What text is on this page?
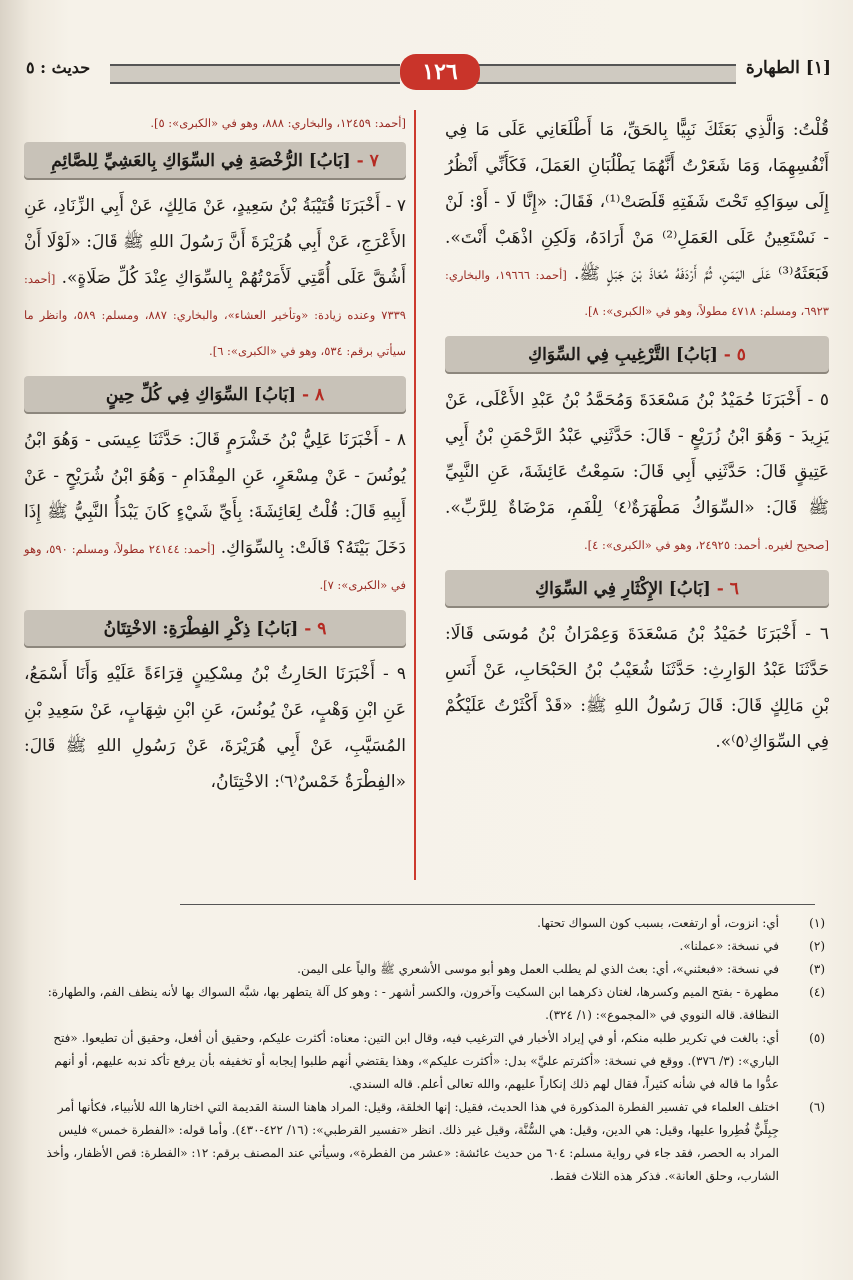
[١] الطهارة
١٢٦
حديث : ٥

قُلْتُ: وَالَّذِي بَعَثَكَ نَبِيًّا بِالحَقِّ، مَا أَطْلَعَانِي عَلَى مَا فِي أَنْفُسِهِمَا، وَمَا شَعَرْتُ أَنَّهُمَا يَطْلُبَانِ العَمَلَ، فَكَأَنِّي أَنْظُرُ إِلَى سِوَاكِهِ تَحْتَ شَفَتِهِ قَلَصَتْ⁽¹⁾، فَقَالَ: «إِنَّا لَا - أَوْ: لَنْ - نَسْتَعِينُ عَلَى العَمَلِ⁽²⁾ مَنْ أَرَادَهُ، وَلَكِنِ اذْهَبْ أَنْتَ». فَبَعَثَهُ⁽³⁾ عَلَى اليَمَنِ، ثُمَّ أَرْدَفَهُ مُعَاذَ بْنَ جَبَلٍ ﷺ. [أحمد: ١٩٦٦٦، والبخاري: ٦٩٢٣، ومسلم: ٤٧١٨ مطولاً، وهو في «الكبرى»: ٨].

٥ - [بَابُ] التَّرْغِيبِ فِي السِّوَاكِ

٥ - أَخْبَرَنَا حُمَيْدُ بْنُ مَسْعَدَةَ وَمُحَمَّدُ بْنُ عَبْدِ الأَعْلَى، عَنْ يَزِيدَ - وَهُوَ ابْنُ زُرَيْعٍ - قَالَ: حَدَّثَنِي عَبْدُ الرَّحْمَنِ بْنُ أَبِي عَتِيقٍ قَالَ: حَدَّثَنِي أَبِي قَالَ: سَمِعْتُ عَائِشَةَ، عَنِ النَّبِيِّ ﷺ قَالَ: «السِّوَاكُ مَطْهَرَةٌ⁽٤⁾ لِلْفَمِ، مَرْضَاةٌ لِلرَّبِّ». [صحيح لغيره. أحمد: ٢٤٩٢٥، وهو في «الكبرى»: ٤].

٦ - [بَابُ] الإِكْثَارِ فِي السِّوَاكِ

٦ - أَخْبَرَنَا حُمَيْدُ بْنُ مَسْعَدَةَ وَعِمْرَانُ بْنُ مُوسَى قَالَا: حَدَّثَنَا عَبْدُ الوَارِثِ: حَدَّثَنَا شُعَيْبُ بْنُ الحَبْحَابِ، عَنْ أَنَسِ بْنِ مَالِكٍ قَالَ: قَالَ رَسُولُ اللهِ ﷺ: «قَدْ أَكْثَرْتُ عَلَيْكُمْ فِي السِّوَاكِ⁽٥⁾».

[أحمد: ١٢٤٥٩، والبخاري: ٨٨٨، وهو في «الكبرى»: ٥].

٧ - [بَابُ] الرُّخْصَةِ فِي السِّوَاكِ بِالعَشِيِّ لِلصَّائِمِ

٧ - أَخْبَرَنَا قُتَيْبَةُ بْنُ سَعِيدٍ، عَنْ مَالِكٍ، عَنْ أَبِي الزِّنَادِ، عَنِ الأَعْرَجِ، عَنْ أَبِي هُرَيْرَةَ أَنَّ رَسُولَ اللهِ ﷺ قَالَ: «لَوْلَا أَنْ أَشُقَّ عَلَى أُمَّتِي لَأَمَرْتُهُمْ بِالسِّوَاكِ عِنْدَ كُلِّ صَلَاةٍ». [أحمد: ٧٣٣٩ وعنده زيادة: «وتأخير العشاء»، والبخاري: ٨٨٧، ومسلم: ٥٨٩، وانظر ما سيأتي برقم: ٥٣٤، وهو في «الكبرى»: ٦].

٨ - [بَابُ] السِّوَاكِ فِي كُلِّ حِينٍ

٨ - أَخْبَرَنَا عَلِيُّ بْنُ خَشْرَمٍ قَالَ: حَدَّثَنَا عِيسَى - وَهُوَ ابْنُ يُونُسَ - عَنْ مِسْعَرٍ، عَنِ المِقْدَامِ - وَهُوَ ابْنُ شُرَيْحٍ - عَنْ أَبِيهِ قَالَ: قُلْتُ لِعَائِشَةَ: بِأَيِّ شَيْءٍ كَانَ يَبْدَأُ النَّبِيُّ ﷺ إِذَا دَخَلَ بَيْتَهُ؟ قَالَتْ: بِالسِّوَاكِ. [أحمد: ٢٤١٤٤ مطولاً، ومسلم: ٥٩٠، وهو في «الكبرى»: ٧].

٩ - [بَابُ] ذِكْرِ الفِطْرَةِ: الاخْتِتَانُ

٩ - أَخْبَرَنَا الحَارِثُ بْنُ مِسْكِينٍ قِرَاءَةً عَلَيْهِ وَأَنَا أَسْمَعُ، عَنِ ابْنِ وَهْبٍ، عَنْ يُونُسَ، عَنِ ابْنِ شِهَابٍ، عَنْ سَعِيدِ بْنِ المُسَيَّبِ، عَنْ أَبِي هُرَيْرَةَ، عَنْ رَسُولِ اللهِ ﷺ قَالَ: «الفِطْرَةُ خَمْسٌ⁽٦⁾: الاخْتِتَانُ،

(١)
أي: انزوت، أو ارتفعت، بسبب كون السواك تحتها.
(٢)
في نسخة: «عملنا».
(٣)
في نسخة: «فبعثني»، أي: بعث الذي لم يطلب العمل وهو أبو موسى الأشعري ﷺ والياً على اليمن.
(٤)
مطهرة - بفتح الميم وكسرها، لغتان ذكرهما ابن السكيت وآخرون، والكسر أشهر - : وهو كل آلة يتطهر بها، شبَّه السواك بها لأنه ينظف الفم، والطهارة: النظافة. قاله النووي في «المجموع»: (١/ ٣٢٤).
(٥)
أي: بالغت في تكرير طلبه منكم، أو في إيراد الأخبار في الترغيب فيه، وقال ابن التين: معناه: أكثرت عليكم، وحقيق أن أفعل، وحقيق أن تطيعوا. «فتح الباري»: (٣/ ٣٧٦). ووقع في نسخة: «أكثرتم عليَّ» بدل: «أكثرت عليكم»، وهذا يقتضي أنهم طلبوا إيجابه أو تخفيفه بأن يرفع تأكد ندبه عليهم، أو أنهم عدُّوا ما قاله في شأنه كثيراً، فقال لهم ذلك إنكاراً عليهم، والله تعالى أعلم. قاله السندي.
(٦)
اختلف العلماء في تفسير الفطرة المذكورة في هذا الحديث، فقيل: إنها الخلقة، وقيل: المراد هاهنا السنة القديمة التي اختارها الله للأنبياء، فكأنها أمر جِبِلِّيٌّ فُطِروا عليها، وقيل: هي الدين، وقيل: هي السُّنَّة، وقيل غير ذلك. انظر «تفسير القرطبي»: (١٦/ ٤٢٢-٤٣٠). وأما قوله: «الفطرة خمس» فليس المراد به الحصر، فقد جاء في رواية مسلم: ٦٠٤ من حديث عائشة: «عشر من الفطرة»، وسيأتي عند المصنف برقم: ١٢: «الفطرة: قص الأظفار، وأخذ الشارب، وحلق العانة». فذكر هذه الثلاث فقط.
